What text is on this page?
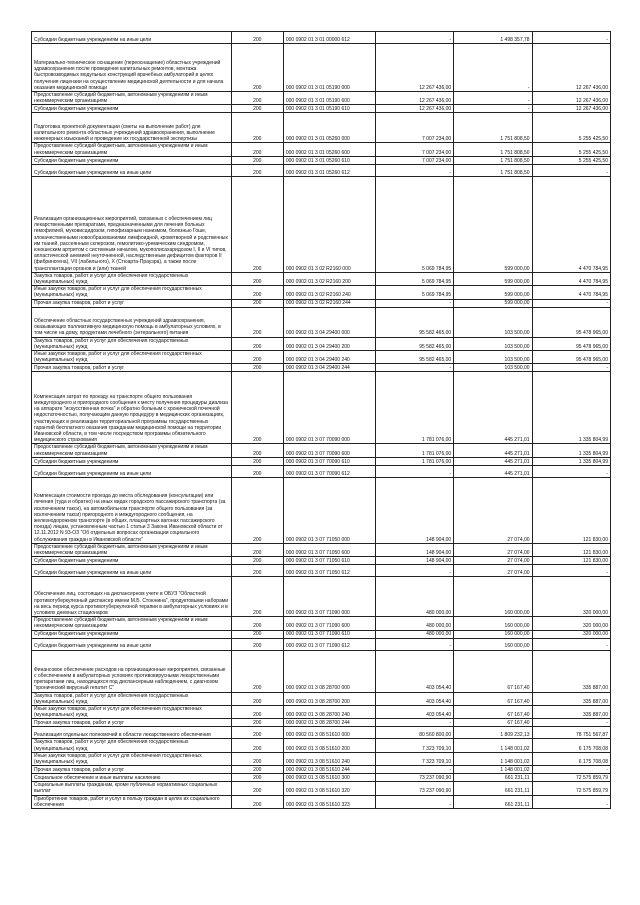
Субсидии бюджетным учреждениям на иные цели	200	000 0902 01 3 01 00000 612	-	1 498 357,78	-
Материально-техническое оснащение (переоснащение) областных учреждений здравоохранения после проведения капитальных ремонтов, монтажа быстровозводимых модульных конструкций врачебных амбулаторий в целях получения лицензии на осуществление медицинской деятельности и для начала оказания медицинской помощи	200	000 0902 01 3 01 05190 000	12 267 436,00	-	12 267 436,00
Предоставление субсидий бюджетным, автономным учреждениям и иным некоммерческим организациям	200	000 0902 01 3 01 05190 600	12 267 436,00	-	12 267 436,00
Субсидии бюджетным учреждениям	200	000 0902 01 3 01 05190 610	12 267 436,00	-	12 267 436,00
Подготовка проектной документации (сметы на выполнение работ) для капитального ремонта областных учреждений здравоохранения, выполнение инженерных изысканий и проведение их государственной экспертизы	200	000 0902 01 3 01 05260 000	7 007 234,00	1 751 808,50	5 255 425,50
Предоставление субсидий бюджетным, автономным учреждениям и иным некоммерческим организациям	200	000 0902 01 3 01 05260 600	7 007 234,00	1 751 808,50	5 255 425,50
Субсидии бюджетным учреждениям	200	000 0902 01 3 01 05260 610	7 007 234,00	1 751 808,50	5 255 425,50
Субсидии бюджетным учреждениям на иные цели	200	000 0902 01 3 01 05260 612	-	1 751 808,50	-
Реализация организационных мероприятий, связанных с обеспечением лиц лекарственными препаратами, предназначенными для лечения больных гемофилией, муковисцидозом, гипофизарным нанизмом, болезнью Гоше, злокачественными новообразованиями лимфоидной, кроветворной и родственных им тканей, рассеянным склерозом, гемолитико-уремическим синдромом, юношеским артритом с системным началом, мукополисахаридозом I, II и VI типов, апластической анемией неуточненной, наследственным дефицитом факторов II (фибриногена), VII (лабильного), X (Стюарта-Прауэра), а также после трансплантации органов и (или) тканей	200	000 0902 01 3 02 R2160 000	5 069 784,95	599 000,00	4 470 784,95
Закупка товаров, работ и услуг для обеспечения государственных (муниципальных) нужд	200	000 0902 01 3 02 R2160 200	5 069 784,95	599 000,00	4 470 784,95
Иные закупки товаров, работ и услуг для обеспечения государственных (муниципальных) нужд	200	000 0902 01 3 02 R2160 240	5 069 784,95	599 000,00	4 470 784,95
Прочая закупка товаров, работ и услуг	200	000 0902 01 3 02 R2160 244	-	599 000,00	-
Обеспечение областных государственных учреждений здравоохранения, оказывающих паллиативную медицинскую помощь в амбулаторных условиях, в том числе на дому, продуктами лечебного (энтерального) питания	200	000 0902 01 3 04 29400 000	95 582 465,00	103 500,00	95 478 965,00
Закупка товаров, работ и услуг для обеспечения государственных (муниципальных) нужд	200	000 0902 01 3 04 29400 200	95 582 465,00	103 500,00	95 478 965,00
Иные закупки товаров, работ и услуг для обеспечения государственных (муниципальных) нужд	200	000 0902 01 3 04 29400 240	95 582 465,00	103 500,00	95 478 965,00
Прочая закупка товаров, работ и услуг	200	000 0902 01 3 04 29400 244	-	103 500,00	-
Компенсация затрат по проезду на транспорте общего пользования междугородного и пригородного сообщения к месту получения процедуры диализа на аппарате "искусственная почка" и обратно больным с хронической почечной недостаточностью, получающим данную процедуру в медицинских организациях, участвующих в реализации территориальной программы государственных гарантий бесплатного оказания гражданам медицинской помощи на территории Ивановской области, в том числе посредством программы обязательного медицинского страхования	200	000 0902 01 3 07 70090 000	1 781 076,00	445 271,01	1 335 804,99
Предоставление субсидий бюджетным, автономным учреждениям и иным некоммерческим организациям	200	000 0902 01 3 07 70090 600	1 781 076,00	445 271,01	1 335 804,99
Субсидии бюджетным учреждениям	200	000 0902 01 3 07 70090 610	1 781 076,00	445 271,01	1 335 804,99
Субсидии бюджетным учреждениям на иные цели	200	000 0902 01 3 07 70090 612	-	445 271,01	-
Компенсация стоимости проезда до места обследования (консультации) или лечения (туда и обратно) на иных видах городского пассажирского транспорта (за исключением такси), на автомобильном транспорте общего пользования (за исключением такси) пригородного и междугородного сообщения, на железнодорожном транспорте (в общих, плацкартных вагонах пассажирского поезда) лицам, установленным частью 1 статьи 3 Закона Ивановской области от 12.11.2012 N 93-ОЗ "Об отдельных вопросах организации социального обслуживания граждан в Ивановской области"	200	000 0902 01 3 07 71050 000	148 904,00	27 074,00	121 830,00
Предоставление субсидий бюджетным, автономным учреждениям и иным некоммерческим организациям	200	000 0902 01 3 07 71050 600	148 904,00	27 074,00	121 830,00
Субсидии бюджетным учреждениям	200	000 0902 01 3 07 71050 610	148 904,00	27 074,00	121 830,00
Субсидии бюджетным учреждениям на иные цели	200	000 0902 01 3 07 71050 612	-	27 074,00	-
Обеспечение лиц, состоящих на диспансерном учете в ОБУЗ "Областной противотуберкулезный диспансер имени М.Б. Стоюнина", продуктовыми наборами на весь период курса противотуберкулезной терапии в амбулаторных условиях и в условиях дневных стационаров	200	000 0902 01 3 07 71090 000	480 000,00	160 000,00	320 000,00
Предоставление субсидий бюджетным, автономным учреждениям и иным некоммерческим организациям	200	000 0902 01 3 07 71090 600	480 000,00	160 000,00	320 000,00
Субсидии бюджетным учреждениям	200	000 0902 01 3 07 71090 610	480 000,00	160 000,00	320 000,00
Субсидии бюджетным учреждениям на иные цели	200	000 0902 01 3 07 71090 612	-	160 000,00	-
Финансовое обеспечение расходов на организационные мероприятия, связанные с обеспечением в амбулаторных условиях противовирусными лекарственными препаратами лиц, находящихся под диспансерным наблюдением, с диагнозом "хронический вирусный гепатит С"	200	000 0902 01 3 08 28700 000	403 054,40	67 167,40	335 887,00
Закупка товаров, работ и услуг для обеспечения государственных (муниципальных) нужд	200	000 0902 01 3 08 28700 200	403 054,40	67 167,40	335 887,00
Иные закупки товаров, работ и услуг для обеспечения государственных (муниципальных) нужд	200	000 0902 01 3 08 28700 240	403 054,40	67 167,40	335 887,00
Прочая закупка товаров, работ и услуг	200	000 0902 01 3 08 28700 244	-	67 167,40	-
Реализация отдельных полномочий в области лекарственного обеспечения	200	000 0902 01 3 08 51610 000	80 560 800,00	1 809 232,13	78 751 567,87
Закупка товаров, работ и услуг для обеспечения государственных (муниципальных) нужд	200	000 0902 01 3 08 51610 200	7 323 709,10	1 148 001,02	6 175 708,08
Иные закупки товаров, работ и услуг для обеспечения государственных (муниципальных) нужд	200	000 0902 01 3 08 51610 240	7 323 709,10	1 148 001,02	6 175 708,08
Прочая закупка товаров, работ и услуг	200	000 0902 01 3 08 51610 244	-	1 148 001,02	-
Социальное обеспечение и иные выплаты населению	200	000 0902 01 3 08 51610 300	73 237 090,90	661 231,11	72 575 859,79
Социальные выплаты гражданам, кроме публичных нормативных социальных выплат	200	000 0902 01 3 08 51610 320	73 237 090,90	661 231,11	72 575 859,79
Приобретение товаров, работ и услуг в пользу граждан в целях их социального обеспечения	200	000 0902 01 3 08 51610 323	-	661 231,11	-
